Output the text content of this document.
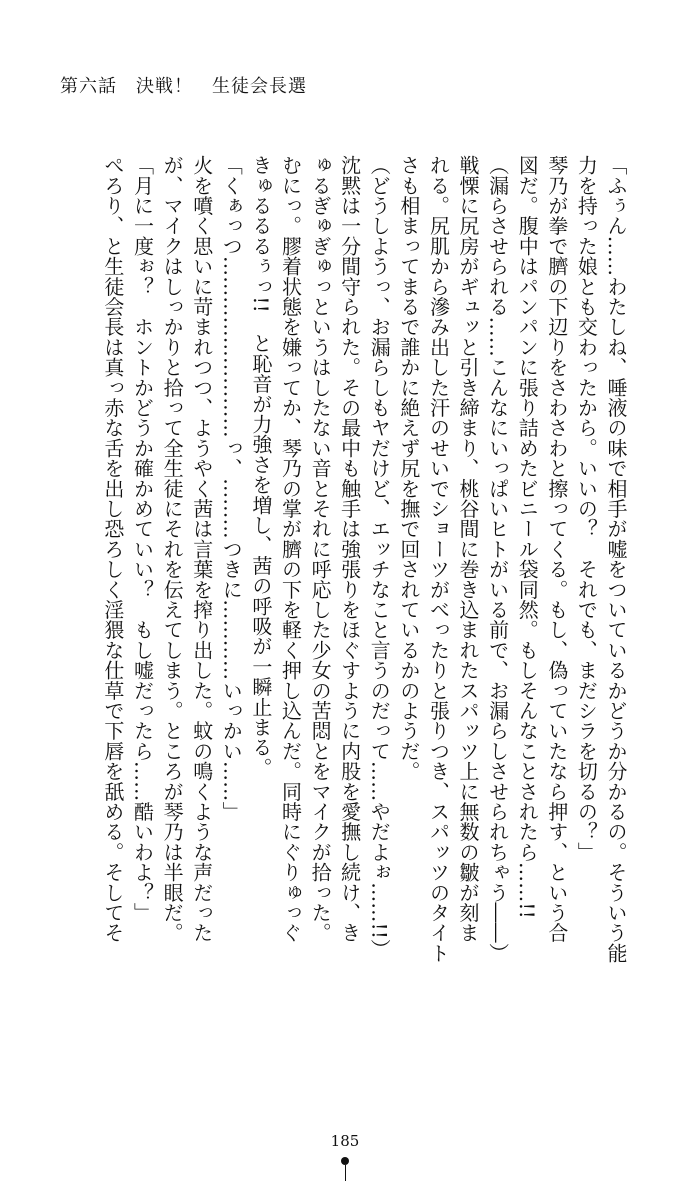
第六話　決戦！　生徒会長選

「ふぅん……わたしね、唾液の味で相手が嘘をついているかどうか分かるの。そういう能

力を持った娘とも交わったから。いいの？　それでも、まだシラを切るの？」

琴乃が拳で臍の下辺りをさわさわと擦ってくる。もし、偽っていたなら押す、という合

図だ。腹中はパンパンに張り詰めたビニール袋同然。もしそんなことされたら……!!

（漏らさせられる……こんなにいっぱいヒトがいる前で、お漏らしさせられちゃう――）

戦慄に尻房がギュッと引き締まり、桃谷間に巻き込まれたスパッツ上に無数の皺が刻ま

れる。尻肌から滲み出した汗のせいでショーツがべったりと張りつき、スパッツのタイト

さも相まってまるで誰かに絶えず尻を撫で回されているかのようだ。

（どうしようっ、お漏らしもヤだけど、エッチなこと言うのだって……やだよぉ……!!）

沈黙は一分間守られた。その最中も触手は強張りをほぐすように内股を愛撫し続け、き

ゅるぎゅぎゅっというはしたない音とそれに呼応した少女の苦悶とをマイクが拾った。

むにっ。膠着状態を嫌ってか、琴乃の掌が臍の下を軽く押し込んだ。同時にぐりゅっぐ

きゅるるるぅっ!!　と恥音が力強さを増し、茜の呼吸が一瞬止まる。

「くぁっつ………………………っ、………つきに…………いっかい……」

火を噴く思いに苛まれつつ、ようやく茜は言葉を搾り出した。蚊の鳴くような声だった

が、マイクはしっかりと拾って全生徒にそれを伝えてしまう。ところが琴乃は半眼だ。

「月に一度ぉ？　ホントかどうか確かめていい？　もし嘘だったら……酷いわよ？」

ぺろり、と生徒会長は真っ赤な舌を出し恐ろしく淫猥な仕草で下唇を舐める。そしてそ

185
